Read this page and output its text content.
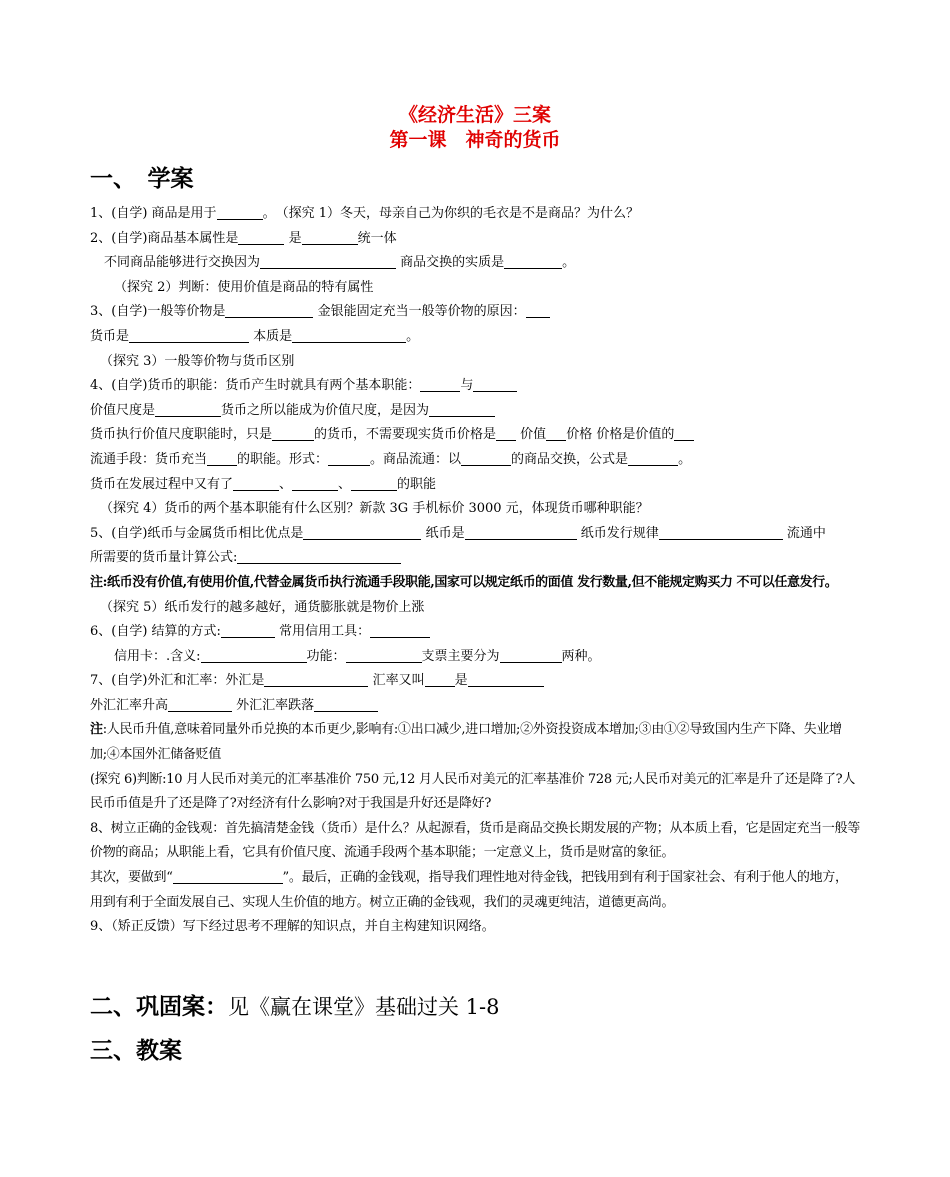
《经济生活》三案
第一课　神奇的货币
一、　学案
1、(自学) 商品是用于	。　（探究 1）冬天，母亲自己为你织的毛衣是不是商品？为什么？
2、(自学)商品基本属性是	是	统一体
不同商品能够进行交换因为	商品交换的实质是	。
（探究 2）判断：使用价值是商品的特有属性
3、(自学)一般等价物是	金银能固定充当一般等价物的原因：
货币是	本质是	。
（探究 3）一般等价物与货币区别
4、(自学)货币的职能：货币产生时就具有两个基本职能：	与
价值尺度是	货币之所以能成为价值尺度，是因为
货币执行价值尺度职能时，只是	的货币，不需要现实货币价格是 价值 价格 价格是价值的
流通手段：货币充当 的职能。形式：	。商品流通：以	的商品交换，公式是	。
货币在发展过程中又有了	、	、	的职能
（探究 4）货币的两个基本职能有什么区别？新款 3G 手机标价 3000 元，体现货币哪种职能？
5、(自学)纸币与金属货币相比优点是	纸币是	纸币发行规律	流通中
所需要的货币量计算公式:
注:纸币没有价值,有使用价值,代替金属货币执行流通手段职能,国家可以规定纸币的面值 发行数量,但不能规定购买力 不可以任意发行。
（探究 5）纸币发行的越多越好，通货膨胀就是物价上涨
6、(自学) 结算的方式:	常用信用工具：
信用卡：.含义:	功能：	支票主要分为	两种。
7、(自学)外汇和汇率：外汇是	汇率又叫 是
外汇汇率升高	外汇汇率跌落
注:人民币升值,意味着同量外币兑换的本币更少,影响有:①出口减少,进口增加;②外资投资成本增加;③由①②导致国内生产下降、失业增加;④本国外汇储备贬值
(探究 6)判断:10 月人民币对美元的汇率基准价 750 元,12 月人民币对美元的汇率基准价 728 元;人民币对美元的汇率是升了还是降了?人民币币值是升了还是降了?对经济有什么影响?对于我国是升好还是降好?
8、树立正确的金钱观：首先搞清楚金钱（货币）是什么？从起源看，货币是商品交换长期发展的产物；从本质上看，它是固定充当一般等价物的商品；从职能上看，它具有价值尺度、流通手段两个基本职能；一定意义上，货币是财富的象征。
其次，要做到“	”。最后，正确的金钱观，指导我们理性地对待金钱，把钱用到有利于国家社会、有利于他人的地方，用到有利于全面发展自己、实现人生价值的地方。树立正确的金钱观，我们的灵魂更纯洁，道德更高尚。
9、（矫正反馈）写下经过思考不理解的知识点，并自主构建知识网络。
二、巩固案：见《赢在课堂》基础过关 1-8
三、教案
